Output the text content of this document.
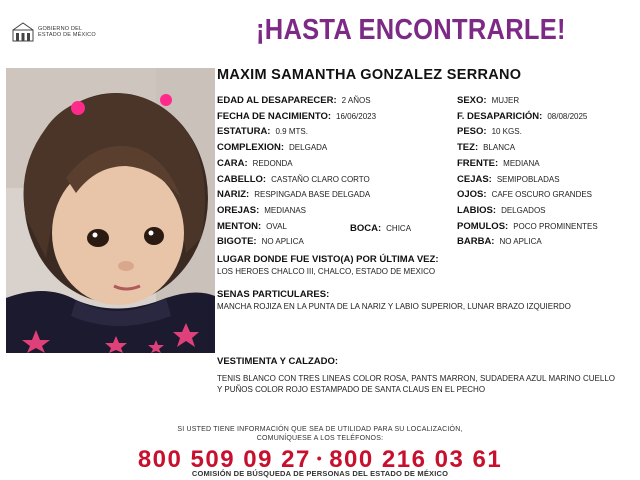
GOBIERNO DEL
ESTADO DE MÉXICO	¡HASTA ENCONTRARLE!
MAXIM SAMANTHA GONZALEZ SERRANO
EDAD AL DESAPARECER: 2 AÑOS
FECHA DE NACIMIENTO: 16/06/2023
ESTATURA: 0.9 MTS.
COMPLEXION: DELGADA
CARA: REDONDA
CABELLO: CASTAÑO CLARO CORTO
NARIZ: RESPINGADA BASE DELGADA
OREJAS: MEDIANAS
MENTON: OVAL	BOCA: CHICA
BIGOTE: NO APLICA
SEXO: MUJER
F. DESAPARICIÓN: 08/08/2025
PESO: 10 KGS.
TEZ: BLANCA
FRENTE: MEDIANA
CEJAS: SEMIPOBLADAS
OJOS: CAFE OSCURO GRANDES
LABIOS: DELGADOS
POMULOS: POCO PROMINENTES
BARBA: NO APLICA
LUGAR DONDE FUE VISTO(A) POR ÚLTIMA VEZ:
LOS HEROES CHALCO III, CHALCO, ESTADO DE MEXICO
SENAS PARTICULARES:
MANCHA ROJIZA EN LA PUNTA DE LA NARIZ Y LABIO SUPERIOR, LUNAR BRAZO IZQUIERDO
VESTIMENTA Y CALZADO:
TENIS BLANCO CON TRES LINEAS COLOR ROSA, PANTS MARRON, SUDADERA AZUL MARINO CUELLO Y PUÑOS COLOR ROJO ESTAMPADO DE SANTA CLAUS EN EL PECHO
SI USTED TIENE INFORMACIÓN QUE SEA DE UTILIDAD PARA SU LOCALIZACIÓN,
COMUNÍQUESE A LOS TELÉFONOS:
800 509 09 27 • 800 216 03 61
COMISIÓN DE BÚSQUEDA DE PERSONAS DEL ESTADO DE MÉXICO
